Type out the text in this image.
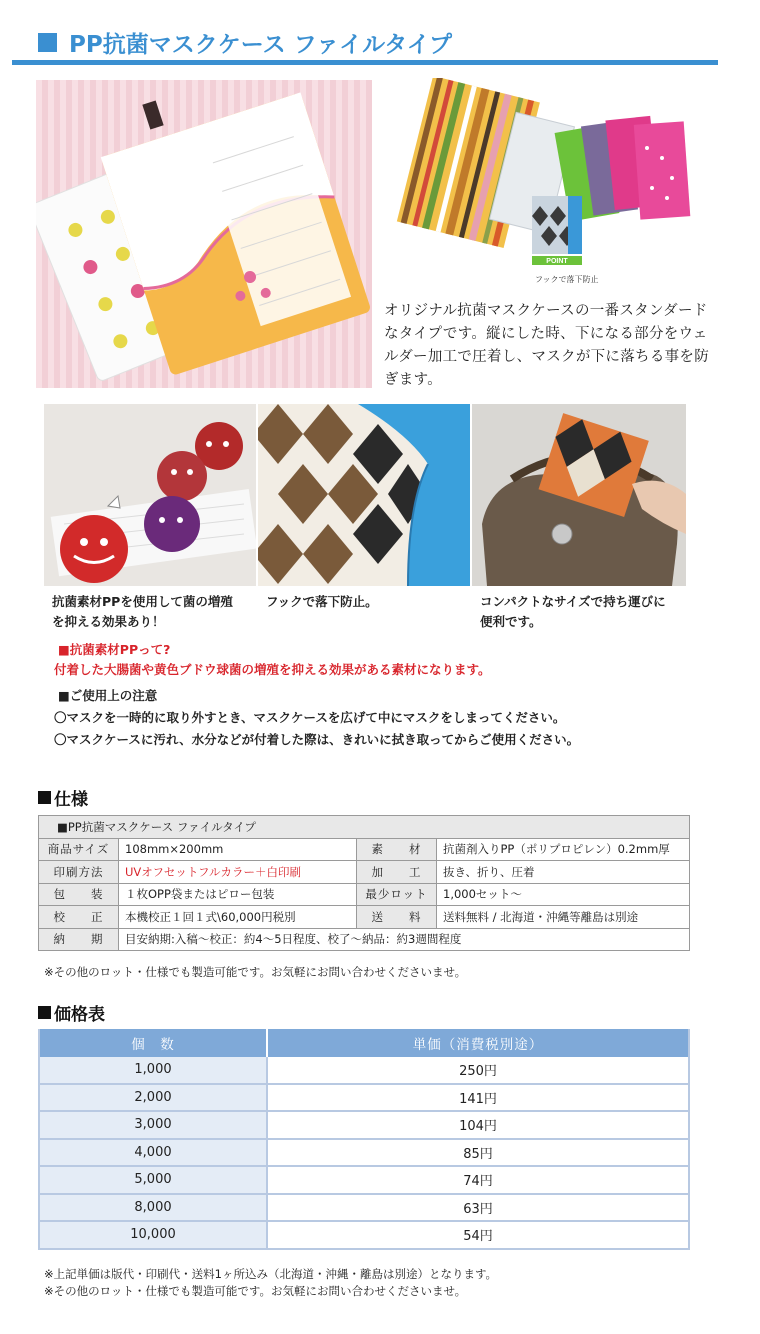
PP抗菌マスクケース ファイルタイプ
POINT
フックで落下防止
オリジナル抗菌マスクケースの一番スタンダードなタイプです。縦にした時、下になる部分をウェルダー加工で圧着し、マスクが下に落ちる事を防ぎます。
抗菌素材PPを使用して菌の増殖
を抑える効果あり！
フックで落下防止。	コンパクトなサイズで持ち運びに
便利です。
■抗菌素材PPって?
付着した大腸菌や黄色ブドウ球菌の増殖を抑える効果がある素材になります。
■ご使用上の注意
〇マスクを一時的に取り外すとき、マスクケースを広げて中にマスクをしまってください。
〇マスクケースに汚れ、水分などが付着した際は、きれいに拭き取ってからご使用ください。
仕様
■PP抗菌マスクケース ファイルタイプ			
商品サイズ	108mm×200mm	素　　材	抗菌剤入りPP（ポリプロピレン）0.2mm厚
印刷方法	UVオフセットフルカラー＋白印刷	加　　工	抜き、折り、圧着
包　　装	１枚OPP袋またはピロー包装	最少ロット	1,000セット～
校　　正	本機校正１回１式\60,000円税別	送　　料	送料無料 / 北海道・沖縄等離島は別途
納　　期	目安納期:入稿～校正：約4～5日程度、校了～納品：約3週間程度		
※その他のロット・仕様でも製造可能です。お気軽にお問い合わせくださいませ。
価格表
個　数	単価（消費税別途）
1,000	250円
2,000	141円
3,000	104円
4,000	85円
5,000	74円
8,000	63円
10,000	54円
※上記単価は版代・印刷代・送料1ヶ所込み（北海道・沖縄・離島は別途）となります。
※その他のロット・仕様でも製造可能です。お気軽にお問い合わせくださいませ。
